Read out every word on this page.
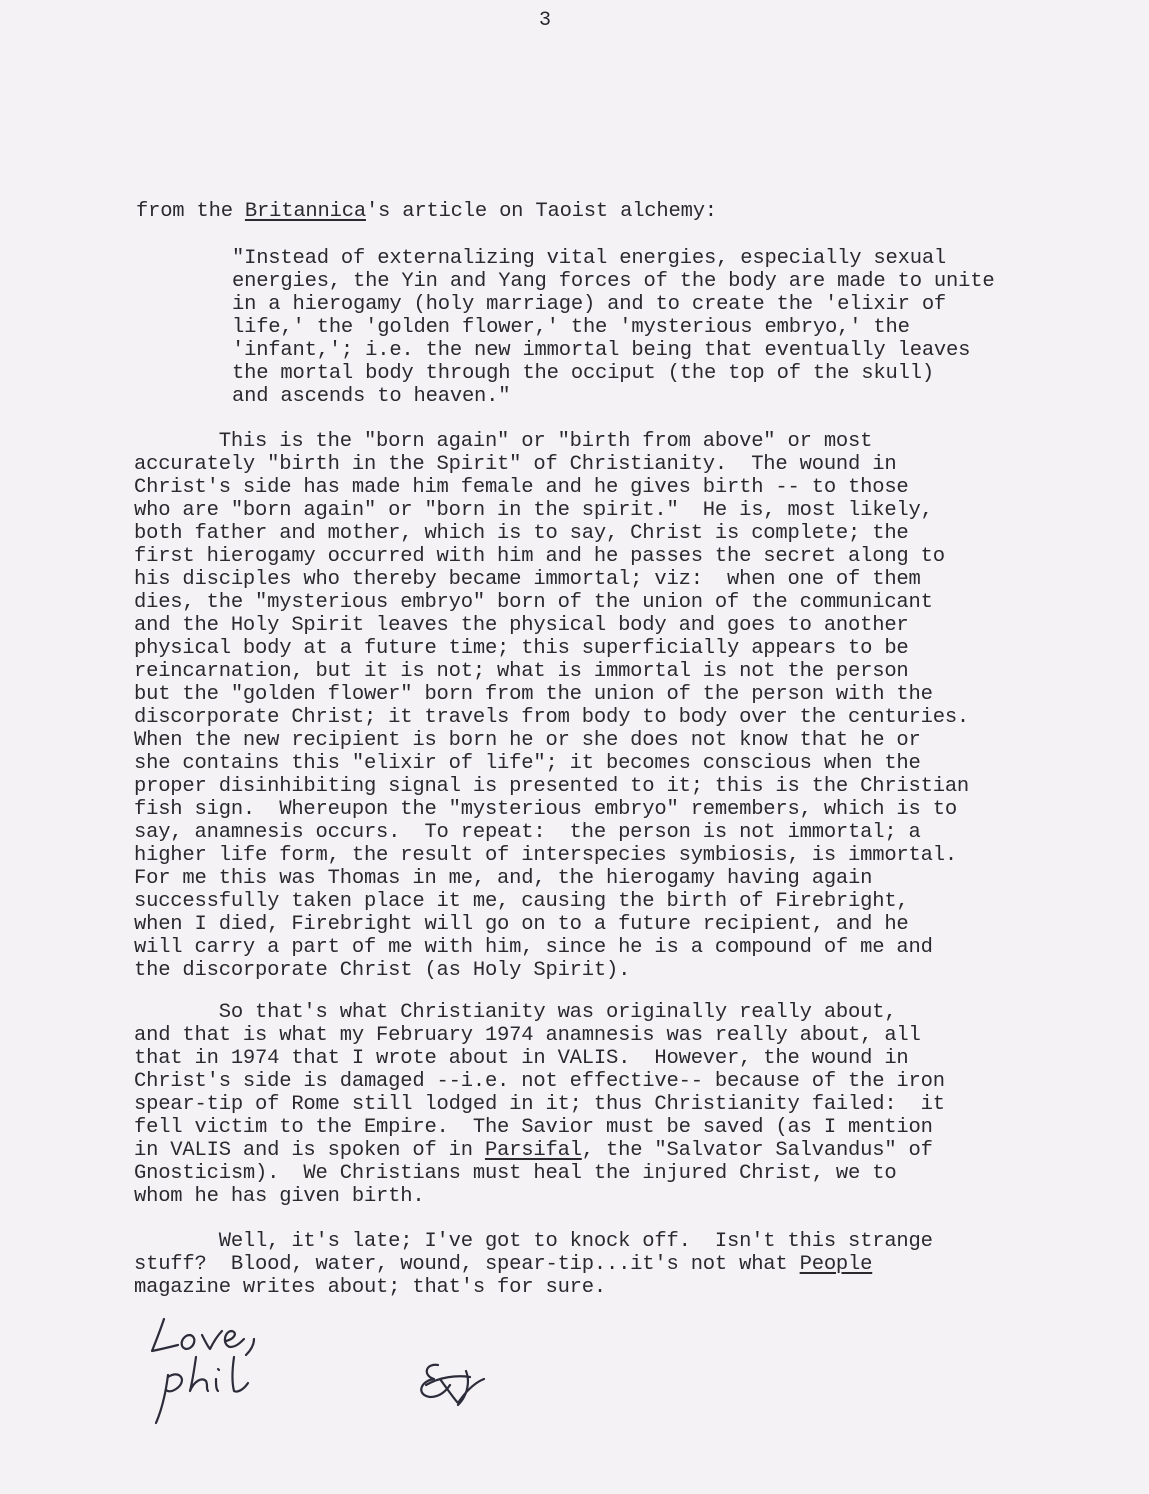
3
from the Britannica's article on Taoist alchemy:
"Instead of externalizing vital energies, especially sexual
energies, the Yin and Yang forces of the body are made to unite
in a hierogamy (holy marriage) and to create the 'elixir of
life,' the 'golden flower,' the 'mysterious embryo,' the
'infant,'; i.e. the new immortal being that eventually leaves
the mortal body through the occiput (the top of the skull)
and ascends to heaven."
This is the "born again" or "birth from above" or most
accurately "birth in the Spirit" of Christianity.  The wound in
Christ's side has made him female and he gives birth -- to those
who are "born again" or "born in the spirit."  He is, most likely,
both father and mother, which is to say, Christ is complete; the
first hierogamy occurred with him and he passes the secret along to
his disciples who thereby became immortal; viz:  when one of them
dies, the "mysterious embryo" born of the union of the communicant
and the Holy Spirit leaves the physical body and goes to another
physical body at a future time; this superficially appears to be
reincarnation, but it is not; what is immortal is not the person
but the "golden flower" born from the union of the person with the
discorporate Christ; it travels from body to body over the centuries.
When the new recipient is born he or she does not know that he or
she contains this "elixir of life"; it becomes conscious when the
proper disinhibiting signal is presented to it; this is the Christian
fish sign.  Whereupon the "mysterious embryo" remembers, which is to
say, anamnesis occurs.  To repeat:  the person is not immortal; a
higher life form, the result of interspecies symbiosis, is immortal.
For me this was Thomas in me, and, the hierogamy having again
successfully taken place it me, causing the birth of Firebright,
when I died, Firebright will go on to a future recipient, and he
will carry a part of me with him, since he is a compound of me and
the discorporate Christ (as Holy Spirit).
So that's what Christianity was originally really about,
and that is what my February 1974 anamnesis was really about, all
that in 1974 that I wrote about in VALIS.  However, the wound in
Christ's side is damaged --i.e. not effective-- because of the iron
spear-tip of Rome still lodged in it; thus Christianity failed:  it
fell victim to the Empire.  The Savior must be saved (as I mention
in VALIS and is spoken of in Parsifal, the "Salvator Salvandus" of
Gnosticism).  We Christians must heal the injured Christ, we to
whom he has given birth.
Well, it's late; I've got to knock off.  Isn't this strange
stuff?  Blood, water, wound, spear-tip...it's not what People
magazine writes about; that's for sure.
